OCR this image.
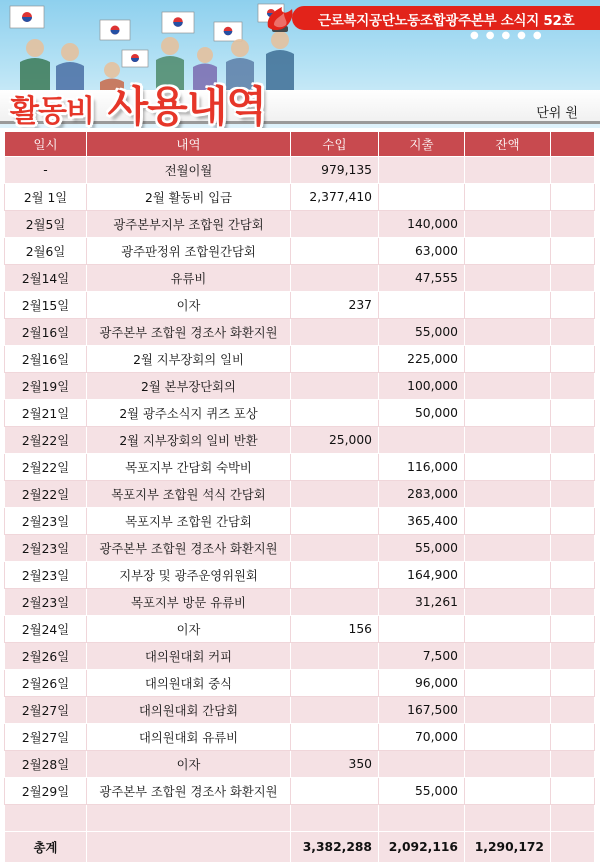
근로복지공단노동조합광주본부 소식지 52호
●●●●●
활동비 사용내역	단위 원
일시	내역	수입	지출	잔액	
-	전월이월	979,135			
2월 1일	2월 활동비 입금	2,377,410			
2월5일	광주본부지부 조합원 간담회		140,000		
2월6일	광주판정위 조합원간담회		63,000		
2월14일	유류비		47,555		
2월15일	이자	237			
2월16일	광주본부 조합원 경조사 화환지원		55,000		
2월16일	2월 지부장회의 일비		225,000		
2월19일	2월 본부장단회의		100,000		
2월21일	2월 광주소식지 퀴즈 포상		50,000		
2월22일	2월 지부장회의 일비 반환	25,000			
2월22일	목포지부 간담회 숙박비		116,000		
2월22일	목포지부 조합원 석식 간담회		283,000		
2월23일	목포지부 조합원 간담회		365,400		
2월23일	광주본부 조합원 경조사 화환지원		55,000		
2월23일	지부장 및 광주운영위원회		164,900		
2월23일	목포지부 방문 유류비		31,261		
2월24일	이자	156			
2월26일	대의원대회 커피		7,500		
2월26일	대의원대회 중식		96,000		
2월27일	대의원대회 간담회		167,500		
2월27일	대의원대회 유류비		70,000		
2월28일	이자	350			
2월29일	광주본부 조합원 경조사 화환지원		55,000		

총계		3,382,288	2,092,116	1,290,172	
